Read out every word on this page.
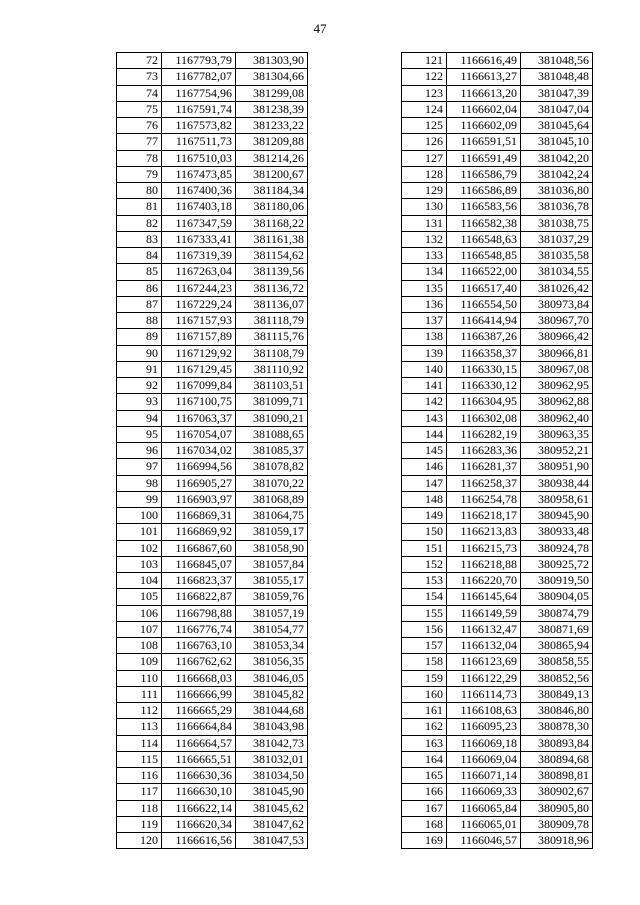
47
72	1167793,79	381303,90
73	1167782,07	381304,66
74	1167754,96	381299,08
75	1167591,74	381238,39
76	1167573,82	381233,22
77	1167511,73	381209,88
78	1167510,03	381214,26
79	1167473,85	381200,67
80	1167400,36	381184,34
81	1167403,18	381180,06
82	1167347,59	381168,22
83	1167333,41	381161,38
84	1167319,39	381154,62
85	1167263,04	381139,56
86	1167244,23	381136,72
87	1167229,24	381136,07
88	1167157,93	381118,79
89	1167157,89	381115,76
90	1167129,92	381108,79
91	1167129,45	381110,92
92	1167099,84	381103,51
93	1167100,75	381099,71
94	1167063,37	381090,21
95	1167054,07	381088,65
96	1167034,02	381085,37
97	1166994,56	381078,82
98	1166905,27	381070,22
99	1166903,97	381068,89
100	1166869,31	381064,75
101	1166869,92	381059,17
102	1166867,60	381058,90
103	1166845,07	381057,84
104	1166823,37	381055,17
105	1166822,87	381059,76
106	1166798,88	381057,19
107	1166776,74	381054,77
108	1166763,10	381053,34
109	1166762,62	381056,35
110	1166668,03	381046,05
111	1166666,99	381045,82
112	1166665,29	381044,68
113	1166664,84	381043,98
114	1166664,57	381042,73
115	1166665,51	381032,01
116	1166630,36	381034,50
117	1166630,10	381045,90
118	1166622,14	381045,62
119	1166620,34	381047,62
120	1166616,56	381047,53
121	1166616,49	381048,56
122	1166613,27	381048,48
123	1166613,20	381047,39
124	1166602,04	381047,04
125	1166602,09	381045,64
126	1166591,51	381045,10
127	1166591,49	381042,20
128	1166586,79	381042,24
129	1166586,89	381036,80
130	1166583,56	381036,78
131	1166582,38	381038,75
132	1166548,63	381037,29
133	1166548,85	381035,58
134	1166522,00	381034,55
135	1166517,40	381026,42
136	1166554,50	380973,84
137	1166414,94	380967,70
138	1166387,26	380966,42
139	1166358,37	380966,81
140	1166330,15	380967,08
141	1166330,12	380962,95
142	1166304,95	380962,88
143	1166302,08	380962,40
144	1166282,19	380963,35
145	1166283,36	380952,21
146	1166281,37	380951,90
147	1166258,37	380938,44
148	1166254,78	380958,61
149	1166218,17	380945,90
150	1166213,83	380933,48
151	1166215,73	380924,78
152	1166218,88	380925,72
153	1166220,70	380919,50
154	1166145,64	380904,05
155	1166149,59	380874,79
156	1166132,47	380871,69
157	1166132,04	380865,94
158	1166123,69	380858,55
159	1166122,29	380852,56
160	1166114,73	380849,13
161	1166108,63	380846,80
162	1166095,23	380878,30
163	1166069,18	380893,84
164	1166069,04	380894,68
165	1166071,14	380898,81
166	1166069,33	380902,67
167	1166065,84	380905,80
168	1166065,01	380909,78
169	1166046,57	380918,96
